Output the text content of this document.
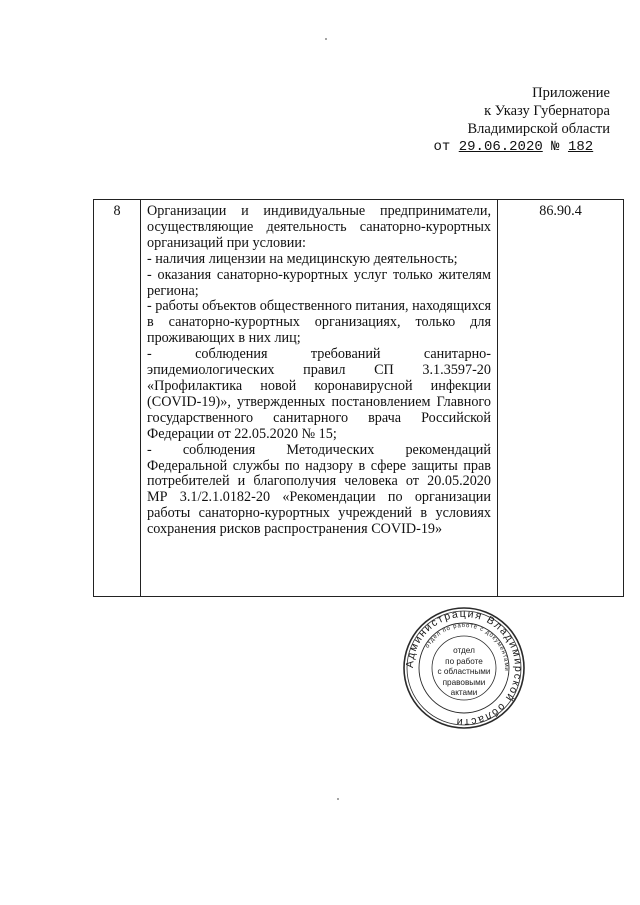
Приложение
к Указу Губернатора
Владимирской области
от 29.06.2020 № 182
8	Организации и индивидуальные предприниматели, осуществляющие деятельность санаторно-курортных организаций при условии:

- наличия лицензии на медицинскую деятельность;

- оказания санаторно-курортных услуг только жителям региона;

- работы объектов общественного питания, находящихся в санаторно-курортных организациях, только для проживающих в них лиц;

- соблюдения требований санитарно-эпидемиологических правил СП 3.1.3597-20 «Профилактика новой коронавирусной инфекции (COVID-19)», утвержденных постановлением Главного государственного санитарного врача Российской Федерации от 22.05.2020 № 15;

- соблюдения Методических рекомендаций Федеральной службы по надзору в сфере защиты прав потребителей и благополучия человека от 20.05.2020 МР 3.1/2.1.0182-20 «Рекомендации по организации работы санаторно-курортных учреждений в условиях сохранения рисков распространения COVID-19»

	86.90.4
Администрация Владимирской области
отдел по работе с документами
отдел
по работе
с областными
правовыми
актами
